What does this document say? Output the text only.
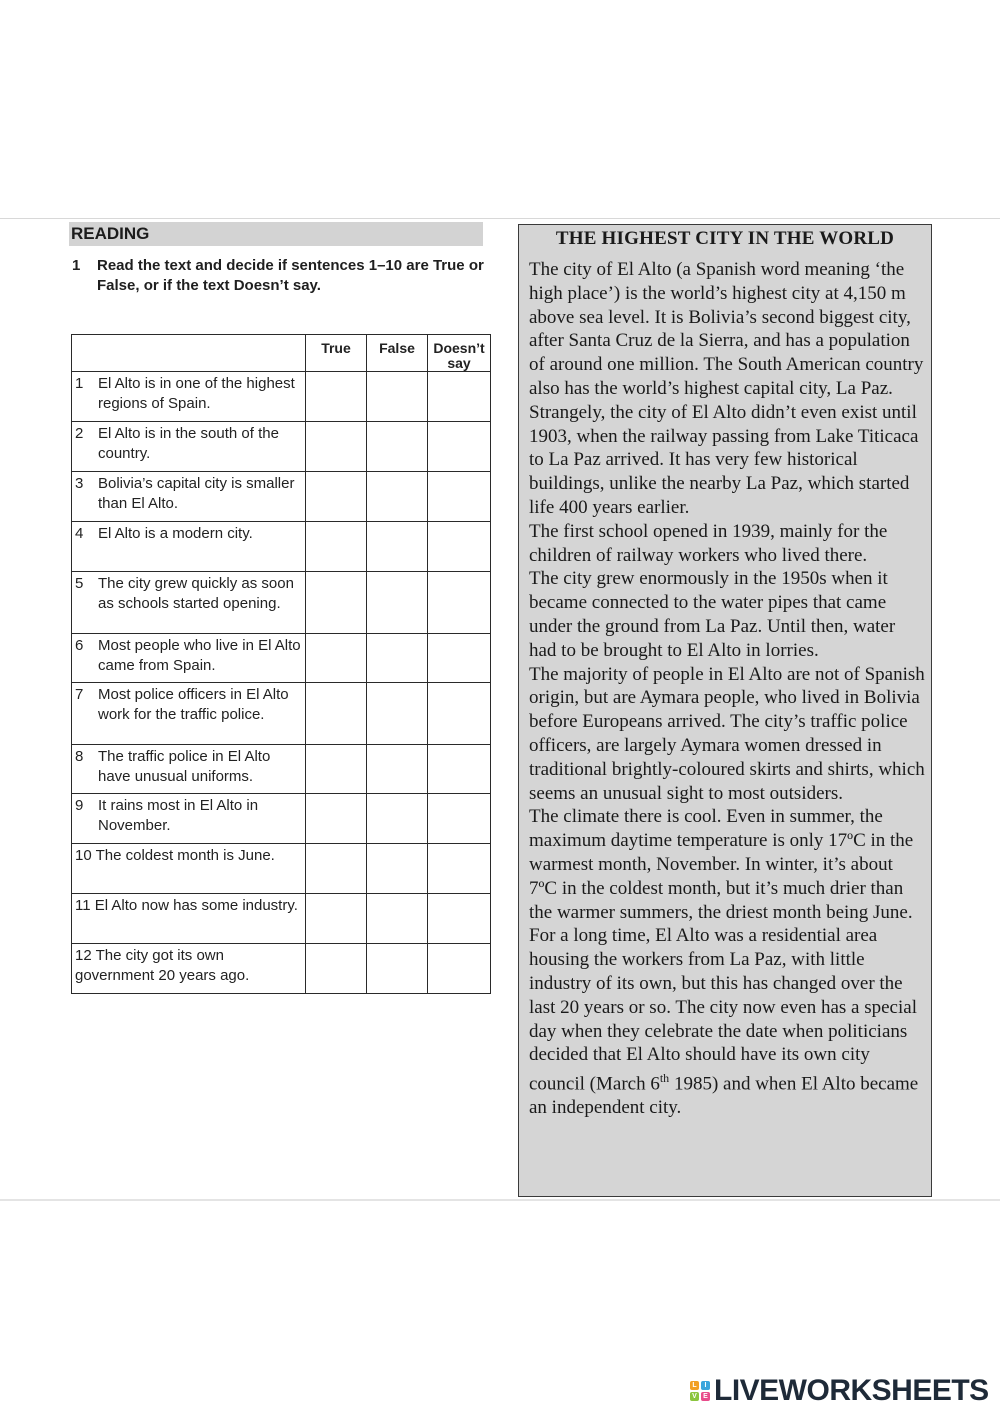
READING
1 Read the text and decide if sentences 1–10 are True or False, or if the text Doesn’t say.
	True	False	Doesn’t say

1 El Alto is in one of the highest regions of Spain.			

2 El Alto is in the south of the country.			

3 Bolivia’s capital city is smaller than El Alto.			

4 El Alto is a modern city.			

5 The city grew quickly as soon as schools started opening.			

6 Most people who live in El Alto came from Spain.			

7 Most police officers in El Alto work for the traffic police.			

8 The traffic police in El Alto have unusual uniforms.			

9 It rains most in El Alto in November.			

10 The coldest month is June.			

11 El Alto now has some industry.			

12 The city got its own government 20 years ago.			

THE HIGHEST CITY IN THE WORLD

The city of El Alto (a Spanish word meaning ‘the high place’) is the world’s highest city at 4,150 m above sea level. It is Bolivia’s second biggest city, after Santa Cruz de la Sierra, and has a population of around one million. The South American country also has the world’s highest capital city, La Paz.

Strangely, the city of El Alto didn’t even exist until 1903, when the railway passing from Lake Titicaca to La Paz arrived. It has very few historical buildings, unlike the nearby La Paz, which started life 400 years earlier.

The first school opened in 1939, mainly for the children of railway workers who lived there.

The city grew enormously in the 1950s when it became connected to the water pipes that came under the ground from La Paz. Until then, water had to be brought to El Alto in lorries.

The majority of people in El Alto are not of Spanish origin, but are Aymara people, who lived in Bolivia before Europeans arrived. The city’s traffic police officers, are largely Aymara women dressed in traditional brightly-coloured skirts and shirts, which seems an unusual sight to most outsiders.

The climate there is cool. Even in summer, the maximum daytime temperature is only 17ºC in the warmest month, November. In winter, it’s about 7ºC in the coldest month, but it’s much drier than the warmer summers, the driest month being June.

For a long time, El Alto was a residential area housing the workers from La Paz, with little industry of its own, but this has changed over the last 20 years or so. The city now even has a special day when they celebrate the date when politicians decided that El Alto should have its own city council (March 6th 1985) and when El Alto became an independent city.

L	I
V E LIVEWORKSHEETS
